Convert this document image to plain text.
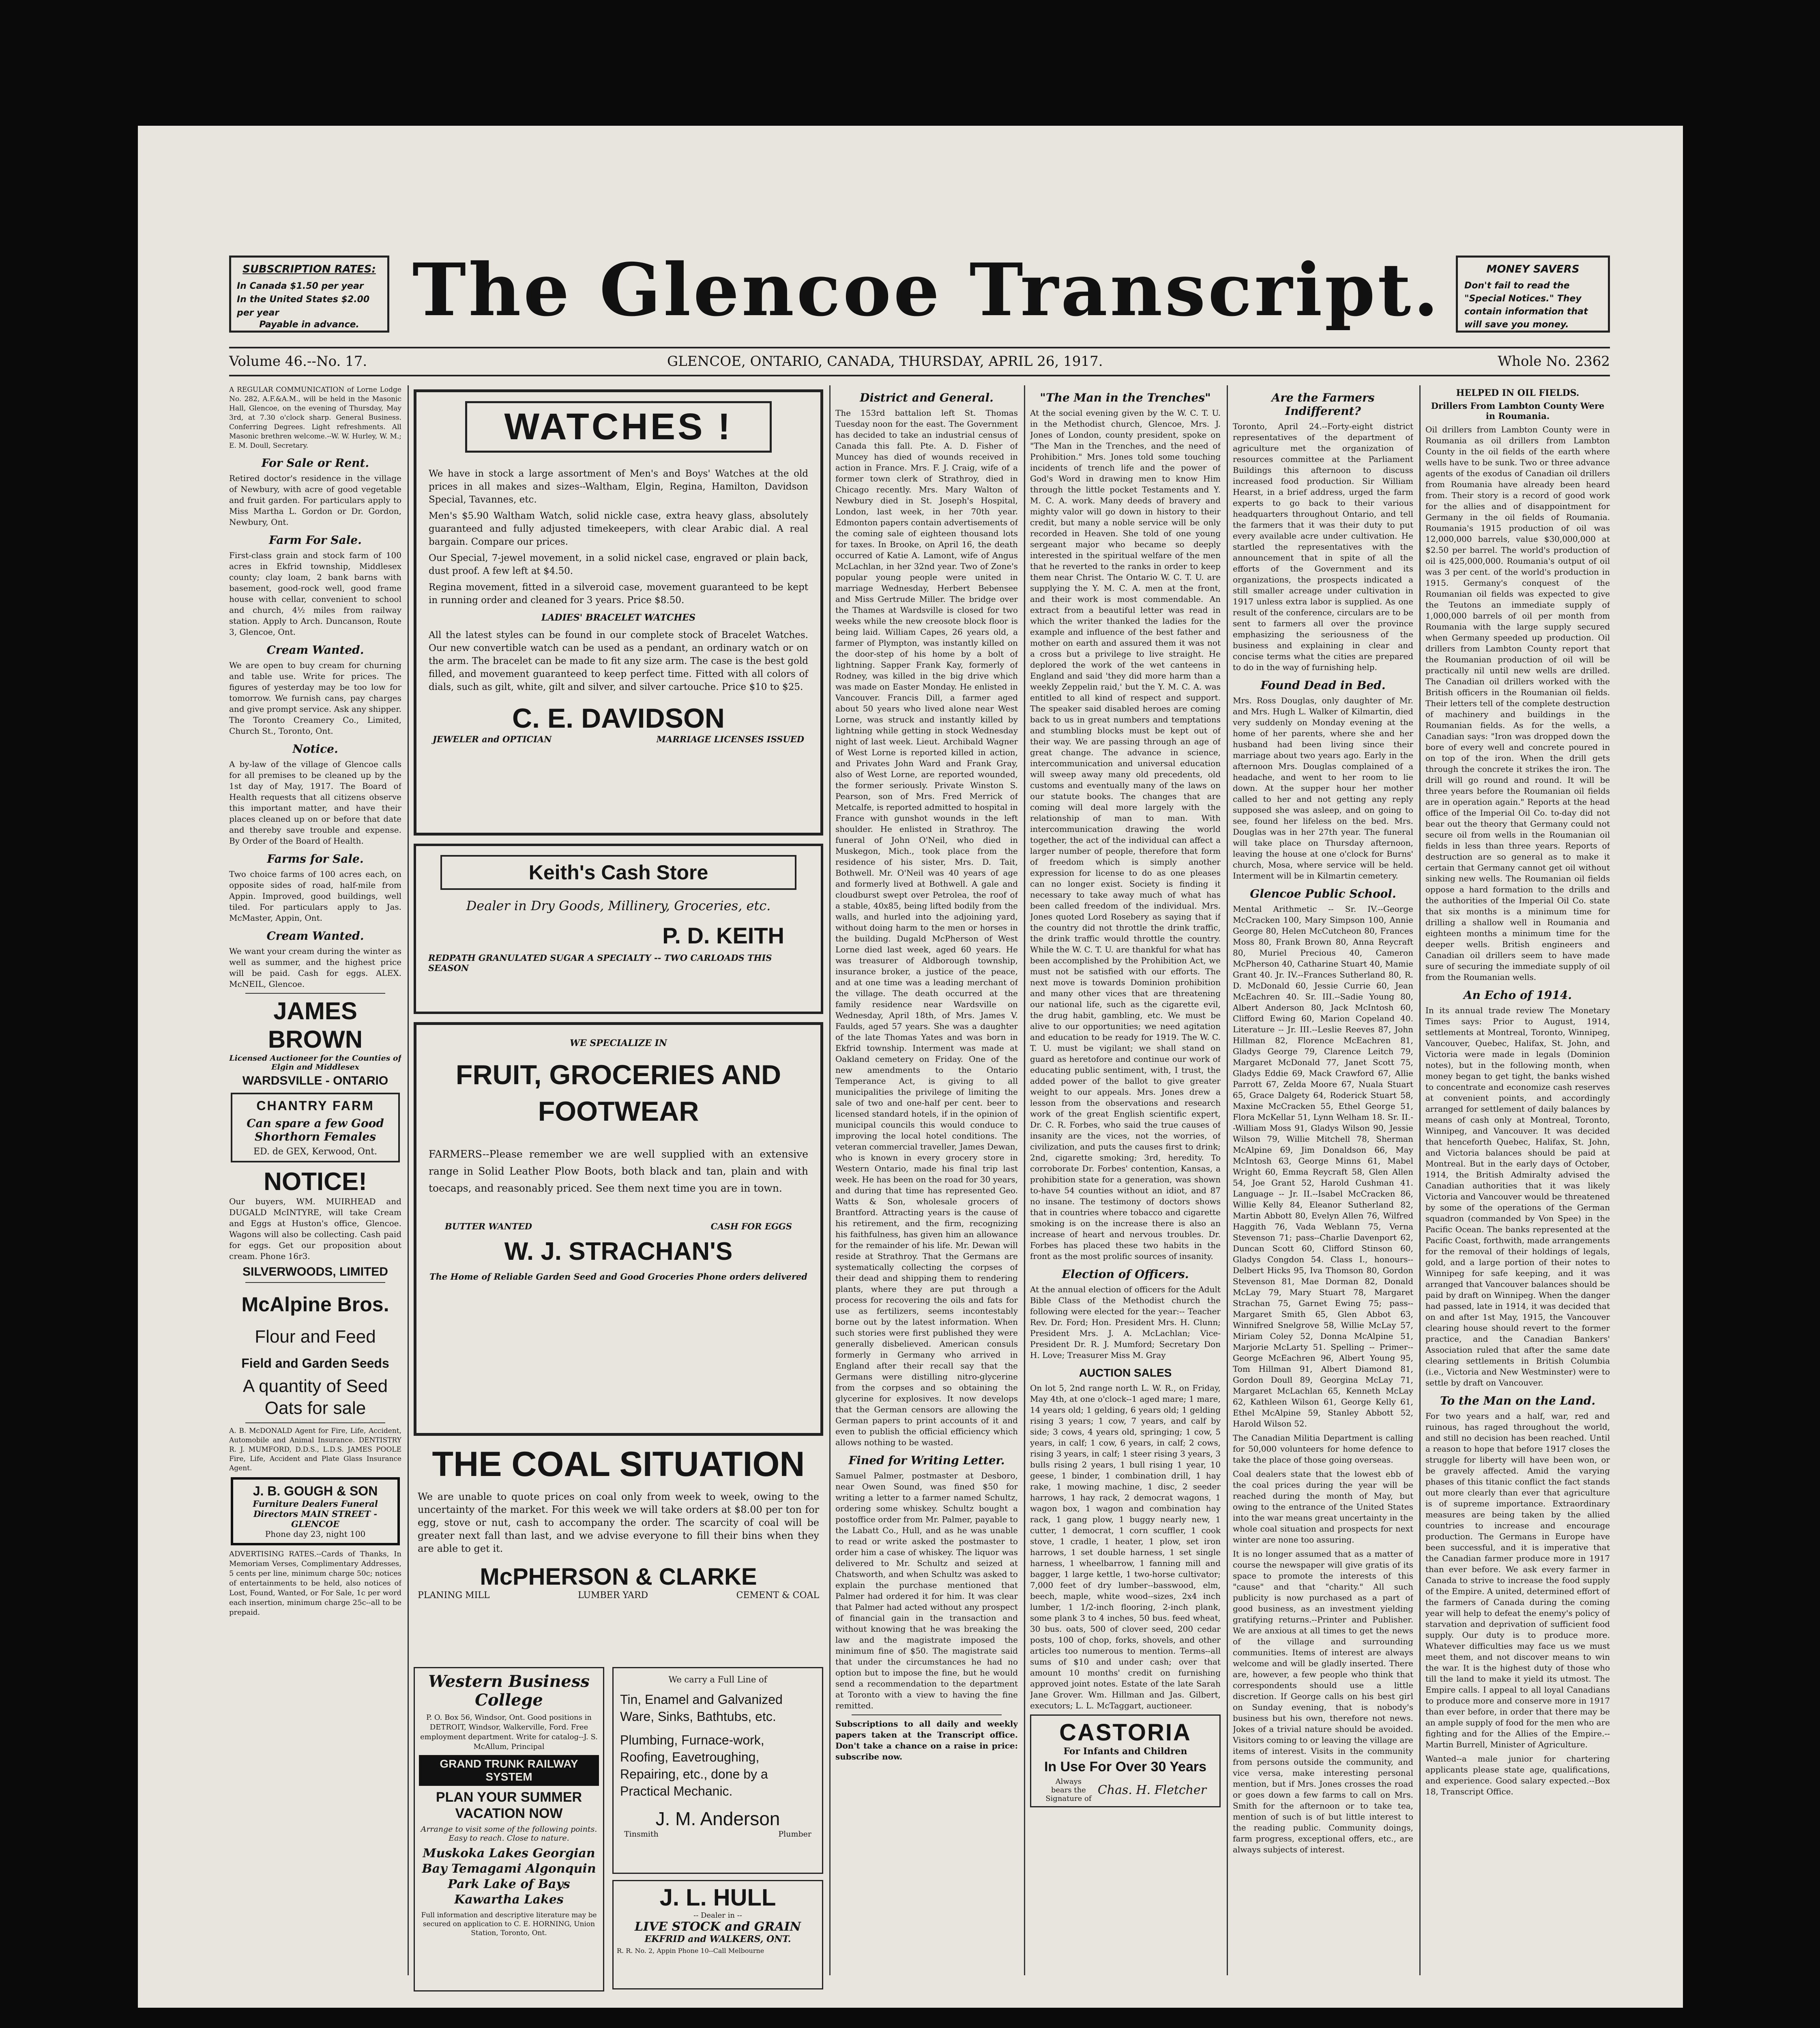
SUBSCRIPTION RATES:
In Canada $1.50 per year
In the United States $2.00 per year
Payable in advance. The Glencoe Transcript.	MONEY SAVERS
Don't fail to read the "Special Notices." They contain information that will save you money.
Volume 46.--No. 17.	GLENCOE, ONTARIO, CANADA, THURSDAY, APRIL 26, 1917.	Whole No. 2362
A REGULAR COMMUNICATION of Lorne Lodge No. 282, A.F.&A.M., will be held in the Masonic Hall, Glencoe, on the evening of Thursday, May 3rd, at 7.30 o'clock sharp. General Business. Conferring Degrees. Light refreshments. All Masonic brethren welcome.--W. W. Hurley, W. M.; E. M. Doull, Secretary.
For Sale or Rent.
Retired doctor's residence in the village of Newbury, with acre of good vegetable and fruit garden. For particulars apply to Miss Martha L. Gordon or Dr. Gordon, Newbury, Ont.
Farm For Sale.
First-class grain and stock farm of 100 acres in Ekfrid township, Middlesex county; clay loam, 2 bank barns with basement, good-rock well, good frame house with cellar, convenient to school and church, 4½ miles from railway station. Apply to Arch. Duncanson, Route 3, Glencoe, Ont.
Cream Wanted.
We are open to buy cream for churning and table use. Write for prices. The figures of yesterday may be too low for tomorrow. We furnish cans, pay charges and give prompt service. Ask any shipper. The Toronto Creamery Co., Limited, Church St., Toronto, Ont.
Notice.
A by-law of the village of Glencoe calls for all premises to be cleaned up by the 1st day of May, 1917. The Board of Health requests that all citizens observe this important matter, and have their places cleaned up on or before that date and thereby save trouble and expense. By Order of the Board of Health.
Farms for Sale.
Two choice farms of 100 acres each, on opposite sides of road, half-mile from Appin. Improved, good buildings, well tiled. For particulars apply to Jas. McMaster, Appin, Ont.
Cream Wanted.
We want your cream during the winter as well as summer, and the highest price will be paid. Cash for eggs. ALEX. McNEIL, Glencoe.
JAMES BROWN
Licensed Auctioneer for the Counties of Elgin and Middlesex
WARDSVILLE - ONTARIO
CHANTRY FARM
Can spare a few Good Shorthorn Females
ED. de GEX, Kerwood, Ont.
NOTICE!
Our buyers, WM. MUIRHEAD and DUGALD McINTYRE, will take Cream and Eggs at Huston's office, Glencoe. Wagons will also be collecting. Cash paid for eggs. Get our proposition about cream. Phone 16r3.
SILVERWOODS, LIMITED
McAlpine Bros.
Flour and Feed
Field and Garden Seeds
A quantity of Seed Oats for sale
A. B. McDONALD Agent for Fire, Life, Accident, Automobile and Animal Insurance. DENTISTRY R. J. MUMFORD, D.D.S., L.D.S. JAMES POOLE Fire, Life, Accident and Plate Glass Insurance Agent.
J. B. GOUGH & SON
Furniture Dealers Funeral Directors MAIN STREET - GLENCOE
Phone day 23, night 100
ADVERTISING RATES.--Cards of Thanks, In Memoriam Verses, Complimentary Addresses, 5 cents per line, minimum charge 50c; notices of entertainments to be held, also notices of Lost, Found, Wanted, or For Sale, 1c per word each insertion, minimum charge 25c--all to be prepaid.
WATCHES !
We have in stock a large assortment of Men's and Boys' Watches at the old prices in all makes and sizes--Waltham, Elgin, Regina, Hamilton, Davidson Special, Tavannes, etc.
Men's $5.90 Waltham Watch, solid nickle case, extra heavy glass, absolutely guaranteed and fully adjusted timekeepers, with clear Arabic dial. A real bargain. Compare our prices.
Our Special, 7-jewel movement, in a solid nickel case, engraved or plain back, dust proof. A few left at $4.50.
Regina movement, fitted in a silveroid case, movement guaranteed to be kept in running order and cleaned for 3 years. Price $8.50.
LADIES' BRACELET WATCHES
All the latest styles can be found in our complete stock of Bracelet Watches. Our new convertible watch can be used as a pendant, an ordinary watch or on the arm. The bracelet can be made to fit any size arm. The case is the best gold filled, and movement guaranteed to keep perfect time. Fitted with all colors of dials, such as gilt, white, gilt and silver, and silver cartouche. Price $10 to $25.
C. E. DAVIDSON
JEWELER and OPTICIAN	MARRIAGE LICENSES ISSUED
Keith's Cash Store
Dealer in Dry Goods, Millinery, Groceries, etc.
P. D. KEITH
REDPATH GRANULATED SUGAR A SPECIALTY -- TWO CARLOADS THIS SEASON
WE SPECIALIZE IN
FRUIT, GROCERIES AND FOOTWEAR
FARMERS--Please remember we are well supplied with an extensive range in Solid Leather Plow Boots, both black and tan, plain and with toecaps, and reasonably priced. See them next time you are in town.
BUTTER WANTED	CASH FOR EGGS
W. J. STRACHAN'S
The Home of Reliable Garden Seed and Good Groceries Phone orders delivered
THE COAL SITUATION
We are unable to quote prices on coal only from week to week, owing to the uncertainty of the market. For this week we will take orders at $8.00 per ton for egg, stove or nut, cash to accompany the order. The scarcity of coal will be greater next fall than last, and we advise everyone to fill their bins when they are able to get it.
McPHERSON & CLARKE
PLANING MILL	LUMBER YARD	CEMENT & COAL
Western Business College
P. O. Box 56, Windsor, Ont. Good positions in DETROIT, Windsor, Walkerville, Ford. Free employment department. Write for catalog--J. S. McAllum, Principal
GRAND TRUNK RAILWAY SYSTEM
PLAN YOUR SUMMER VACATION NOW
Arrange to visit some of the following points. Easy to reach. Close to nature.
Muskoka Lakes Georgian Bay Temagami Algonquin Park Lake of Bays Kawartha Lakes
Full information and descriptive literature may be secured on application to C. E. HORNING, Union Station, Toronto, Ont.
We carry a Full Line of
Tin, Enamel and Galvanized Ware, Sinks, Bathtubs, etc.
Plumbing, Furnace-work, Roofing, Eavetroughing, Repairing, etc., done by a Practical Mechanic.
J. M. Anderson
Tinsmith	Plumber
J. L. HULL
-- Dealer in --
LIVE STOCK and GRAIN
EKFRID and WALKERS, ONT.
R. R. No. 2, Appin Phone 10--Call Melbourne
District and General.
The 153rd battalion left St. Thomas Tuesday noon for the east. The Government has decided to take an industrial census of Canada this fall. Pte. A. D. Fisher of Muncey has died of wounds received in action in France. Mrs. F. J. Craig, wife of a former town clerk of Strathroy, died in Chicago recently. Mrs. Mary Walton of Newbury died in St. Joseph's Hospital, London, last week, in her 70th year. Edmonton papers contain advertisements of the coming sale of eighteen thousand lots for taxes. In Brooke, on April 16, the death occurred of Katie A. Lamont, wife of Angus McLachlan, in her 32nd year. Two of Zone's popular young people were united in marriage Wednesday, Herbert Bebensee and Miss Gertrude Miller. The bridge over the Thames at Wardsville is closed for two weeks while the new creosote block floor is being laid. William Capes, 26 years old, a farmer of Plympton, was instantly killed on the door-step of his home by a bolt of lightning. Sapper Frank Kay, formerly of Rodney, was killed in the big drive which was made on Easter Monday. He enlisted in Vancouver. Francis Dill, a farmer aged about 50 years who lived alone near West Lorne, was struck and instantly killed by lightning while getting in stock Wednesday night of last week. Lieut. Archibald Wagner of West Lorne is reported killed in action, and Privates John Ward and Frank Gray, also of West Lorne, are reported wounded, the former seriously. Private Winston S. Pearson, son of Mrs. Fred Merrick of Metcalfe, is reported admitted to hospital in France with gunshot wounds in the left shoulder. He enlisted in Strathroy. The funeral of John O'Neil, who died in Muskegon, Mich., took place from the residence of his sister, Mrs. D. Tait, Bothwell. Mr. O'Neil was 40 years of age and formerly lived at Bothwell. A gale and cloudburst swept over Petrolea, the roof of a stable, 40x85, being lifted bodily from the walls, and hurled into the adjoining yard, without doing harm to the men or horses in the building. Dugald McPherson of West Lorne died last week, aged 60 years. He was treasurer of Aldborough township, insurance broker, a justice of the peace, and at one time was a leading merchant of the village. The death occurred at the family residence near Wardsville on Wednesday, April 18th, of Mrs. James V. Faulds, aged 57 years. She was a daughter of the late Thomas Yates and was born in Ekfrid township. Interment was made at Oakland cemetery on Friday. One of the new amendments to the Ontario Temperance Act, is giving to all municipalities the privilege of limiting the sale of two and one-half per cent. beer to licensed standard hotels, if in the opinion of municipal councils this would conduce to improving the local hotel conditions. The veteran commercial traveller, James Dewan, who is known in every grocery store in Western Ontario, made his final trip last week. He has been on the road for 30 years, and during that time has represented Geo. Watts & Son, wholesale grocers of Brantford. Attracting years is the cause of his retirement, and the firm, recognizing his faithfulness, has given him an allowance for the remainder of his life. Mr. Dewan will reside at Strathroy. That the Germans are systematically collecting the corpses of their dead and shipping them to rendering plants, where they are put through a process for recovering the oils and fats for use as fertilizers, seems incontestably borne out by the latest information. When such stories were first published they were generally disbelieved. American consuls formerly in Germany who arrived in England after their recall say that the Germans were distilling nitro-glycerine from the corpses and so obtaining the glycerine for explosives. It now develops that the German censors are allowing the German papers to print accounts of it and even to publish the official efficiency which allows nothing to be wasted.
Fined for Writing Letter.
Samuel Palmer, postmaster at Desboro, near Owen Sound, was fined $50 for writing a letter to a farmer named Schultz, ordering some whiskey. Schultz bought a postoffice order from Mr. Palmer, payable to the Labatt Co., Hull, and as he was unable to read or write asked the postmaster to order him a case of whiskey. The liquor was delivered to Mr. Schultz and seized at Chatsworth, and when Schultz was asked to explain the purchase mentioned that Palmer had ordered it for him. It was clear that Palmer had acted without any prospect of financial gain in the transaction and without knowing that he was breaking the law and the magistrate imposed the minimum fine of $50. The magistrate said that under the circumstances he had no option but to impose the fine, but he would send a recommendation to the department at Toronto with a view to having the fine remitted.
Subscriptions to all daily and weekly papers taken at the Transcript office. Don't take a chance on a raise in price: subscribe now.
"The Man in the Trenches"
At the social evening given by the W. C. T. U. in the Methodist church, Glencoe, Mrs. J. Jones of London, county president, spoke on "The Man in the Trenches, and the need of Prohibition." Mrs. Jones told some touching incidents of trench life and the power of God's Word in drawing men to know Him through the little pocket Testaments and Y. M. C. A. work. Many deeds of bravery and mighty valor will go down in history to their credit, but many a noble service will be only recorded in Heaven. She told of one young sergeant major who became so deeply interested in the spiritual welfare of the men that he reverted to the ranks in order to keep them near Christ. The Ontario W. C. T. U. are supplying the Y. M. C. A. men at the front, and their work is most commendable. An extract from a beautiful letter was read in which the writer thanked the ladies for the example and influence of the best father and mother on earth and assured them it was not a cross but a privilege to live straight. He deplored the work of the wet canteens in England and said 'they did more harm than a weekly Zeppelin raid,' but the Y. M. C. A. was entitled to all kind of respect and support. The speaker said disabled heroes are coming back to us in great numbers and temptations and stumbling blocks must be kept out of their way. We are passing through an age of great change. The advance in science, intercommunication and universal education will sweep away many old precedents, old customs and eventually many of the laws on our statute books. The changes that are coming will deal more largely with the relationship of man to man. With intercommunication drawing the world together, the act of the individual can affect a larger number of people, therefore that form of freedom which is simply another expression for license to do as one pleases can no longer exist. Society is finding it necessary to take away much of what has been called freedom of the individual. Mrs. Jones quoted Lord Rosebery as saying that if the country did not throttle the drink traffic, the drink traffic would throttle the country. While the W. C. T. U. are thankful for what has been accomplished by the Prohibition Act, we must not be satisfied with our efforts. The next move is towards Dominion prohibition and many other vices that are threatening our national life, such as the cigarette evil, the drug habit, gambling, etc. We must be alive to our opportunities; we need agitation and education to be ready for 1919. The W. C. T. U. must be vigilant; we shall stand on guard as heretofore and continue our work of educating public sentiment, with, I trust, the added power of the ballot to give greater weight to our appeals. Mrs. Jones drew a lesson from the observations and research work of the great English scientific expert, Dr. C. R. Forbes, who said the true causes of insanity are the vices, not the worries, of civilization, and puts the causes first to drink; 2nd, cigarette smoking; 3rd, heredity. To corroborate Dr. Forbes' contention, Kansas, a prohibition state for a generation, was shown to-have 54 counties without an idiot, and 87 no insane. The testimony of doctors shows that in countries where tobacco and cigarette smoking is on the increase there is also an increase of heart and nervous troubles. Dr. Forbes has placed these two habits in the front as the most prolific sources of insanity.
Election of Officers.
At the annual election of officers for the Adult Bible Class of the Methodist church the following were elected for the year:-- Teacher Rev. Dr. Ford; Hon. President Mrs. H. Clunn; President Mrs. J. A. McLachlan; Vice-President Dr. R. J. Mumford; Secretary Don H. Love; Treasurer Miss M. Gray
AUCTION SALES
On lot 5, 2nd range north L. W. R., on Friday, May 4th, at one o'clock--1 aged mare; 1 mare, 14 years old; 1 gelding, 6 years old; 1 gelding rising 3 years; 1 cow, 7 years, and calf by side; 3 cows, 4 years old, springing; 1 cow, 5 years, in calf; 1 cow, 6 years, in calf; 2 cows, rising 3 years, in calf; 1 steer rising 3 years, 3 bulls rising 2 years, 1 bull rising 1 year, 10 geese, 1 binder, 1 combination drill, 1 hay rake, 1 mowing machine, 1 disc, 2 seeder harrows, 1 hay rack, 2 democrat wagons, 1 wagon box, 1 wagon and combination hay rack, 1 gang plow, 1 buggy nearly new, 1 cutter, 1 democrat, 1 corn scuffler, 1 cook stove, 1 cradle, 1 heater, 1 plow, set iron harrows, 1 set double harness, 1 set single harness, 1 wheelbarrow, 1 fanning mill and bagger, 1 large kettle, 1 two-horse cultivator; 7,000 feet of dry lumber--basswood, elm, beech, maple, white wood--sizes, 2x4 inch lumber, 1 1/2-inch flooring, 2-inch plank, some plank 3 to 4 inches, 50 bus. feed wheat, 30 bus. oats, 500 of clover seed, 200 cedar posts, 100 of chop, forks, shovels, and other articles too numerous to mention. Terms--all sums of $10 and under cash; over that amount 10 months' credit on furnishing approved joint notes. Estate of the late Sarah Jane Grover. Wm. Hillman and Jas. Gilbert, executors; L. L. McTaggart, auctioneer.
CASTORIA
For Infants and Children
In Use For Over 30 Years
Always bears the Signature of
Chas. H. Fletcher
Are the Farmers Indifferent?
Toronto, April 24.--Forty-eight district representatives of the department of agriculture met the organization of resources committee at the Parliament Buildings this afternoon to discuss increased food production. Sir William Hearst, in a brief address, urged the farm experts to go back to their various headquarters throughout Ontario, and tell the farmers that it was their duty to put every available acre under cultivation. He startled the representatives with the announcement that in spite of all the efforts of the Government and its organizations, the prospects indicated a still smaller acreage under cultivation in 1917 unless extra labor is supplied. As one result of the conference, circulars are to be sent to farmers all over the province emphasizing the seriousness of the business and explaining in clear and concise terms what the cities are prepared to do in the way of furnishing help.
Found Dead in Bed.
Mrs. Ross Douglas, only daughter of Mr. and Mrs. Hugh L. Walker of Kilmartin, died very suddenly on Monday evening at the home of her parents, where she and her husband had been living since their marriage about two years ago. Early in the afternoon Mrs. Douglas complained of a headache, and went to her room to lie down. At the supper hour her mother called to her and not getting any reply supposed she was asleep, and on going to see, found her lifeless on the bed. Mrs. Douglas was in her 27th year. The funeral will take place on Thursday afternoon, leaving the house at one o'clock for Burns' church, Mosa, where service will be held. Interment will be in Kilmartin cemetery.
Glencoe Public School.
Mental Arithmetic -- Sr. IV.--George McCracken 100, Mary Simpson 100, Annie George 80, Helen McCutcheon 80, Frances Moss 80, Frank Brown 80, Anna Reycraft 80, Muriel Precious 40, Cameron McPherson 40, Catharine Stuart 40, Mamie Grant 40. Jr. IV.--Frances Sutherland 80, R. D. McDonald 60, Jessie Currie 60, Jean McEachren 40. Sr. III.--Sadie Young 80, Albert Anderson 80, Jack McIntosh 60, Clifford Ewing 60, Marion Copeland 40. Literature -- Jr. III.--Leslie Reeves 87, John Hillman 82, Florence McEachren 81, Gladys George 79, Clarence Leitch 79, Margaret McDonald 77, Janet Scott 75, Gladys Eddie 69, Mack Crawford 67, Allie Parrott 67, Zelda Moore 67, Nuala Stuart 65, Grace Dalgety 64, Roderick Stuart 58, Maxine McCracken 55, Ethel George 51, Flora McKellar 51, Lynn Welham 18. Sr. II.--William Moss 91, Gladys Wilson 90, Jessie Wilson 79, Willie Mitchell 78, Sherman McAlpine 69, Jim Donaldson 66, May McIntosh 63, George Minns 61, Mabel Wright 60, Emma Reycraft 58, Glen Allen 54, Joe Grant 52, Harold Cushman 41. Language -- Jr. II.--Isabel McCracken 86, Willie Kelly 84, Eleanor Sutherland 82, Martin Abbott 80, Evelyn Allen 76, Wilfred Haggith 76, Vada Weblann 75, Verna Stevenson 71; pass--Charlie Davenport 62, Duncan Scott 60, Clifford Stinson 60, Gladys Congdon 54. Class I., honours--Delbert Hicks 95, Iva Thomson 80, Gordon Stevenson 81, Mae Dorman 82, Donald McLay 79, Mary Stuart 78, Margaret Strachan 75, Garnet Ewing 75; pass--Margaret Smith 65, Glen Abbot 63, Winnifred Snelgrove 58, Willie McLay 57, Miriam Coley 52, Donna McAlpine 51, Marjorie McLarty 51. Spelling -- Primer--George McEachren 96, Albert Young 95, Tom Hillman 91, Albert Diamond 81, Gordon Doull 89, Georgina McLay 71, Margaret McLachlan 65, Kenneth McLay 62, Kathleen Wilson 61, George Kelly 61, Ethel McAlpine 59, Stanley Abbott 52, Harold Wilson 52.
The Canadian Militia Department is calling for 50,000 volunteers for home defence to take the place of those going overseas.
Coal dealers state that the lowest ebb of the coal prices during the year will be reached during the month of May, but owing to the entrance of the United States into the war means great uncertainty in the whole coal situation and prospects for next winter are none too assuring.
It is no longer assumed that as a matter of course the newspaper will give gratis of its space to promote the interests of this "cause" and that "charity." All such publicity is now purchased as a part of good business, as an investment yielding gratifying returns.--Printer and Publisher. We are anxious at all times to get the news of the village and surrounding communities. Items of interest are always welcome and will be gladly inserted. There are, however, a few people who think that correspondents should use a little discretion. If George calls on his best girl on Sunday evening, that is nobody's business but his own, therefore not news. Jokes of a trivial nature should be avoided. Visitors coming to or leaving the village are items of interest. Visits in the community from persons outside the community, and vice versa, make interesting personal mention, but if Mrs. Jones crosses the road or goes down a few farms to call on Mrs. Smith for the afternoon or to take tea, mention of such is of but little interest to the reading public. Community doings, farm progress, exceptional offers, etc., are always subjects of interest.
HELPED IN OIL FIELDS.
Drillers From Lambton County Were in Roumania.
Oil drillers from Lambton County were in Roumania as oil drillers from Lambton County in the oil fields of the earth where wells have to be sunk. Two or three advance agents of the exodus of Canadian oil drillers from Roumania have already been heard from. Their story is a record of good work for the allies and of disappointment for Germany in the oil fields of Roumania. Roumania's 1915 production of oil was 12,000,000 barrels, value $30,000,000 at $2.50 per barrel. The world's production of oil is 425,000,000. Roumania's output of oil was 3 per cent. of the world's production in 1915. Germany's conquest of the Roumanian oil fields was expected to give the Teutons an immediate supply of 1,000,000 barrels of oil per month from Roumania with the large supply secured when Germany speeded up production. Oil drillers from Lambton County report that the Roumanian production of oil will be practically nil until new wells are drilled. The Canadian oil drillers worked with the British officers in the Roumanian oil fields. Their letters tell of the complete destruction of machinery and buildings in the Roumanian fields. As for the wells, a Canadian says: "Iron was dropped down the bore of every well and concrete poured in on top of the iron. When the drill gets through the concrete it strikes the iron. The drill will go round and round. It will be three years before the Roumanian oil fields are in operation again." Reports at the head office of the Imperial Oil Co. to-day did not bear out the theory that Germany could not secure oil from wells in the Roumanian oil fields in less than three years. Reports of destruction are so general as to make it certain that Germany cannot get oil without sinking new wells. The Roumanian oil fields oppose a hard formation to the drills and the authorities of the Imperial Oil Co. state that six months is a minimum time for drilling a shallow well in Roumania and eighteen months a minimum time for the deeper wells. British engineers and Canadian oil drillers seem to have made sure of securing the immediate supply of oil from the Roumanian wells.
An Echo of 1914.
In its annual trade review The Monetary Times says: Prior to August, 1914, settlements at Montreal, Toronto, Winnipeg, Vancouver, Quebec, Halifax, St. John, and Victoria were made in legals (Dominion notes), but in the following month, when money began to get tight, the banks wished to concentrate and economize cash reserves at convenient points, and accordingly arranged for settlement of daily balances by means of cash only at Montreal, Toronto, Winnipeg, and Vancouver. It was decided that henceforth Quebec, Halifax, St. John, and Victoria balances should be paid at Montreal. But in the early days of October, 1914, the British Admiralty advised the Canadian authorities that it was likely Victoria and Vancouver would be threatened by some of the operations of the German squadron (commanded by Von Spee) in the Pacific Ocean. The banks represented at the Pacific Coast, forthwith, made arrangements for the removal of their holdings of legals, gold, and a large portion of their notes to Winnipeg for safe keeping, and it was arranged that Vancouver balances should be paid by draft on Winnipeg. When the danger had passed, late in 1914, it was decided that on and after 1st May, 1915, the Vancouver clearing house should revert to the former practice, and the Canadian Bankers' Association ruled that after the same date clearing settlements in British Columbia (i.e., Victoria and New Westminster) were to settle by draft on Vancouver.
To the Man on the Land.
For two years and a half, war, red and ruinous, has raged throughout the world, and still no decision has been reached. Until a reason to hope that before 1917 closes the struggle for liberty will have been won, or be gravely affected. Amid the varying phases of this titanic conflict the fact stands out more clearly than ever that agriculture is of supreme importance. Extraordinary measures are being taken by the allied countries to increase and encourage production. The Germans in Europe have been successful, and it is imperative that the Canadian farmer produce more in 1917 than ever before. We ask every farmer in Canada to strive to increase the food supply of the Empire. A united, determined effort of the farmers of Canada during the coming year will help to defeat the enemy's policy of starvation and deprivation of sufficient food supply. Our duty is to produce more. Whatever difficulties may face us we must meet them, and not discover means to win the war. It is the highest duty of those who till the land to make it yield its utmost. The Empire calls. I appeal to all loyal Canadians to produce more and conserve more in 1917 than ever before, in order that there may be an ample supply of food for the men who are fighting and for the Allies of the Empire.--Martin Burrell, Minister of Agriculture.
Wanted--a male junior for chartering applicants please state age, qualifications, and experience. Good salary expected.--Box 18, Transcript Office.
